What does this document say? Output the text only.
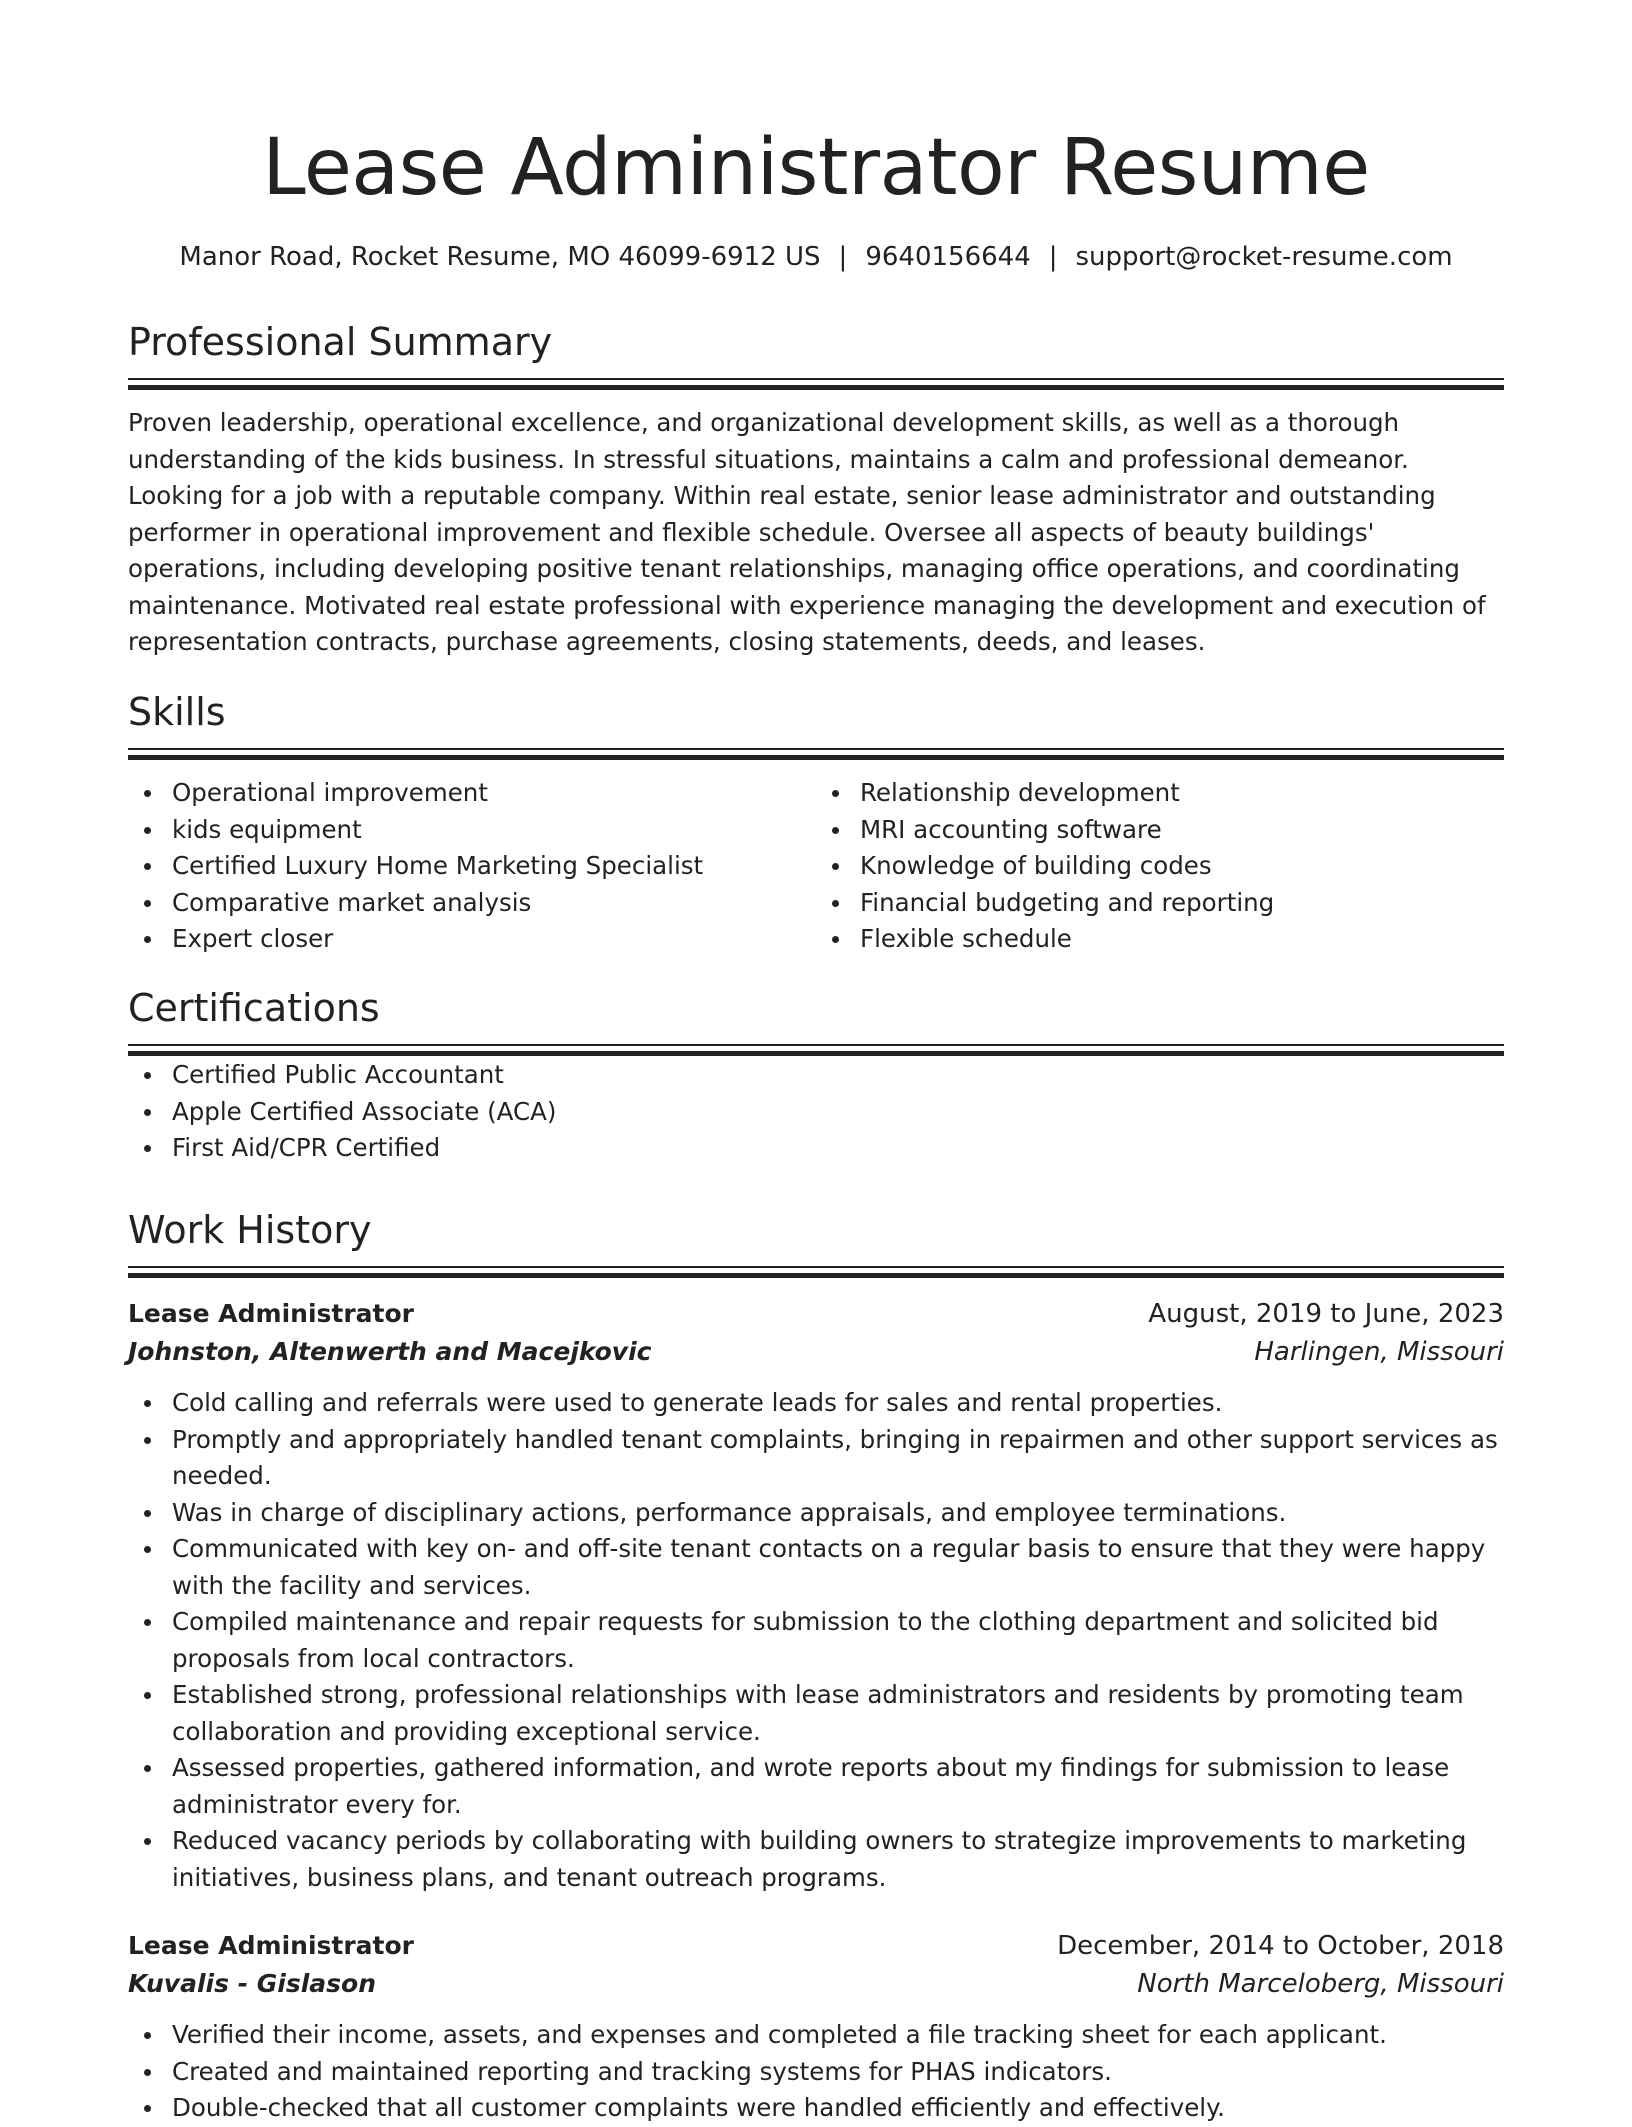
Lease Administrator Resume
Manor Road, Rocket Resume, MO 46099-6912 US | 9640156644 | support@rocket-resume.com
Professional Summary

Proven leadership, operational excellence, and organizational development skills, as well as a thorough understanding of the kids business. In stressful situations, maintains a calm and professional demeanor. Looking for a job with a reputable company. Within real estate, senior lease administrator and outstanding performer in operational improvement and flexible schedule. Oversee all aspects of beauty buildings' operations, including developing positive tenant relationships, managing office operations, and coordinating maintenance. Motivated real estate professional with experience managing the development and execution of representation contracts, purchase agreements, closing statements, deeds, and leases.

Skills
Operational improvement
kids equipment
Certified Luxury Home Marketing Specialist
Comparative market analysis
Expert closer
Relationship development
MRI accounting software
Knowledge of building codes
Financial budgeting and reporting
Flexible schedule
Certifications
Certified Public Accountant
Apple Certified Associate (ACA)
First Aid/CPR Certified
Work History
Lease Administrator	August, 2019 to June, 2023
Johnston, Altenwerth and Macejkovic	Harlingen, Missouri
Cold calling and referrals were used to generate leads for sales and rental properties.
Promptly and appropriately handled tenant complaints, bringing in repairmen and other support services as needed.
Was in charge of disciplinary actions, performance appraisals, and employee terminations.
Communicated with key on- and off-site tenant contacts on a regular basis to ensure that they were happy with the facility and services.
Compiled maintenance and repair requests for submission to the clothing department and solicited bid proposals from local contractors.
Established strong, professional relationships with lease administrators and residents by promoting team collaboration and providing exceptional service.
Assessed properties, gathered information, and wrote reports about my findings for submission to lease administrator every for.
Reduced vacancy periods by collaborating with building owners to strategize improvements to marketing initiatives, business plans, and tenant outreach programs.
Lease Administrator	December, 2014 to October, 2018
Kuvalis - Gislason	North Marceloberg, Missouri
Verified their income, assets, and expenses and completed a file tracking sheet for each applicant.
Created and maintained reporting and tracking systems for PHAS indicators.
Double-checked that all customer complaints were handled efficiently and effectively.
